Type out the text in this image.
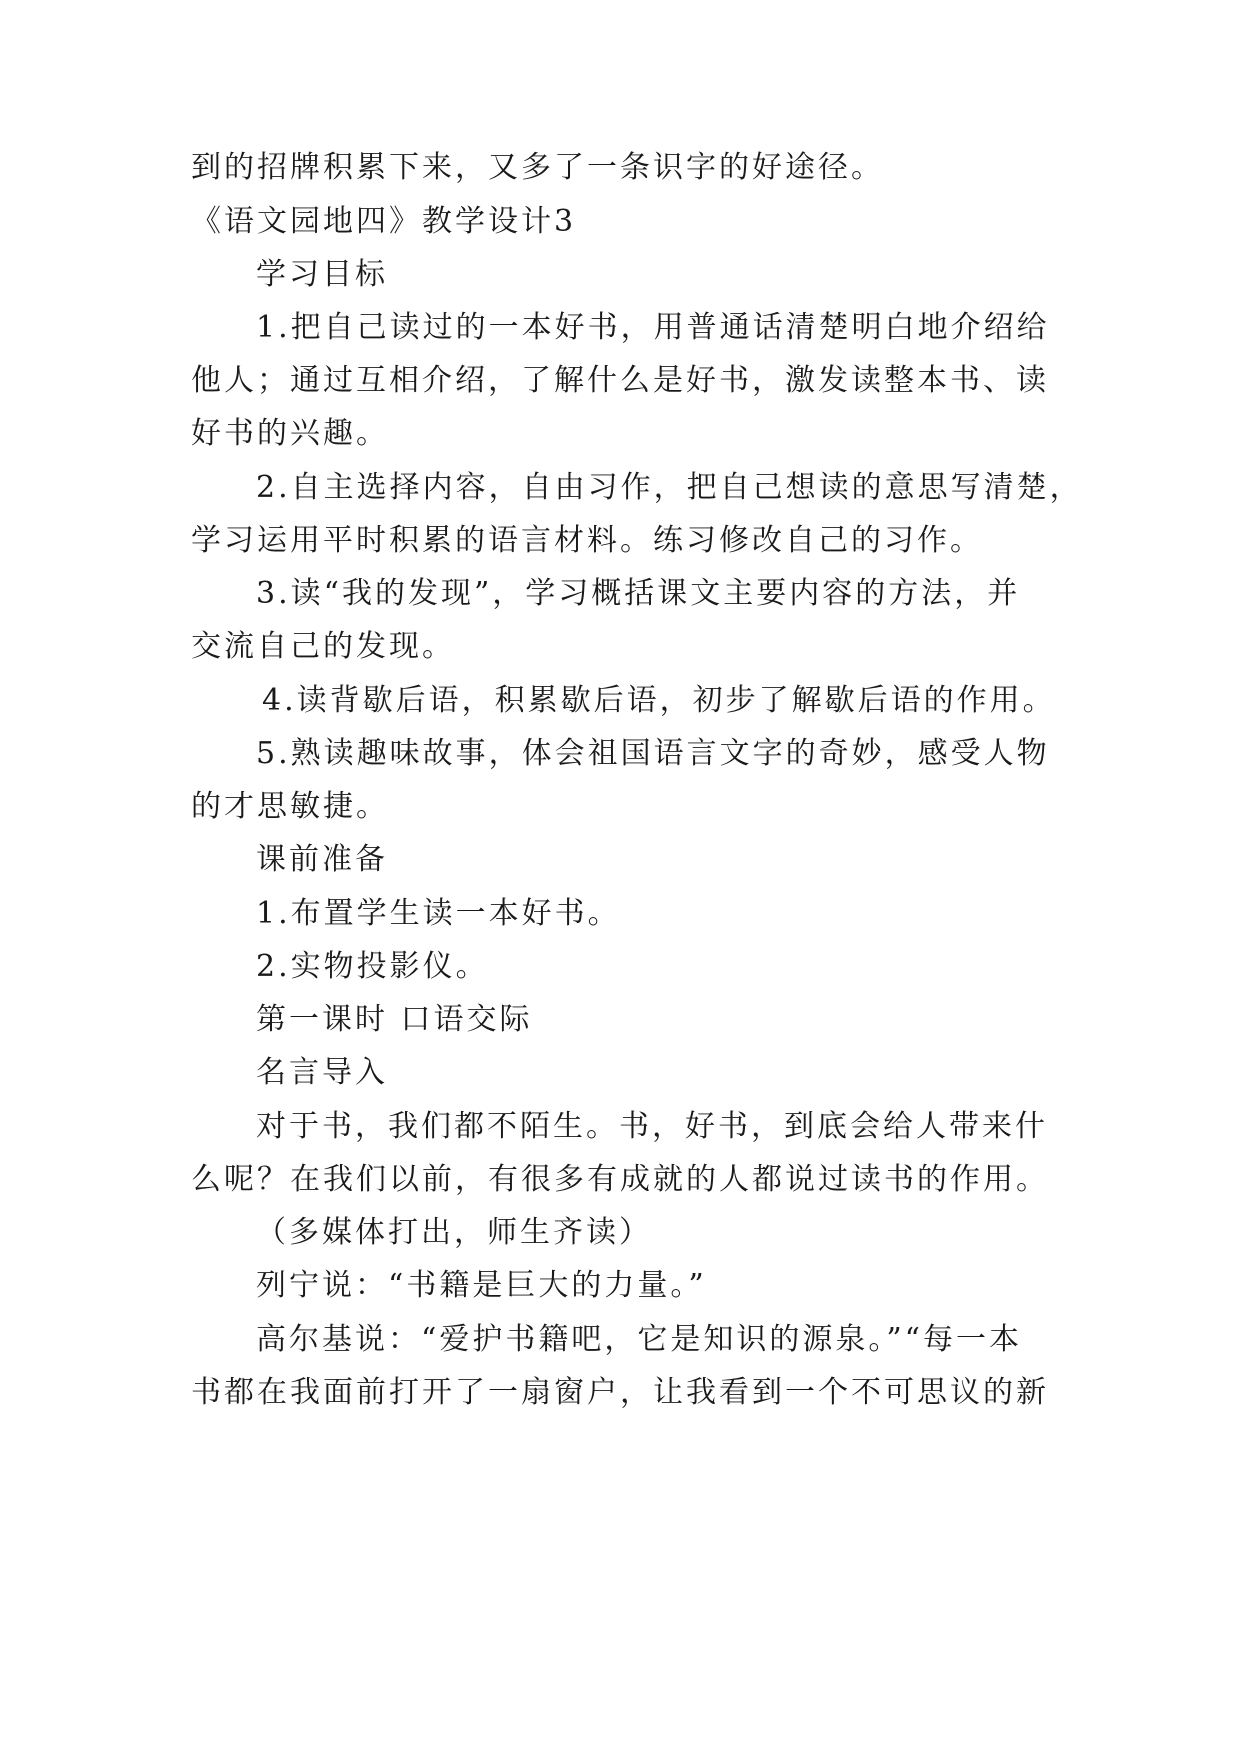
到的招牌积累下来，又多了一条识字的好途径。
《语文园地四》教学设计3
学习目标
1.把自己读过的一本好书，用普通话清楚明白地介绍给
他人；通过互相介绍，了解什么是好书，激发读整本书、读
好书的兴趣。
2.自主选择内容，自由习作，把自己想读的意思写清楚，
学习运用平时积累的语言材料。练习修改自己的习作。
3.读“我的发现”，学习概括课文主要内容的方法，并
交流自己的发现。
4.读背歇后语，积累歇后语，初步了解歇后语的作用。
5.熟读趣味故事，体会祖国语言文字的奇妙，感受人物
的才思敏捷。
课前准备
1.布置学生读一本好书。
2.实物投影仪。
第一课时 口语交际
名言导入
对于书，我们都不陌生。书，好书，到底会给人带来什
么呢？在我们以前，有很多有成就的人都说过读书的作用。
（多媒体打出，师生齐读）
列宁说：“书籍是巨大的力量。”
高尔基说：“爱护书籍吧，它是知识的源泉。”“每一本
书都在我面前打开了一扇窗户，让我看到一个不可思议的新
